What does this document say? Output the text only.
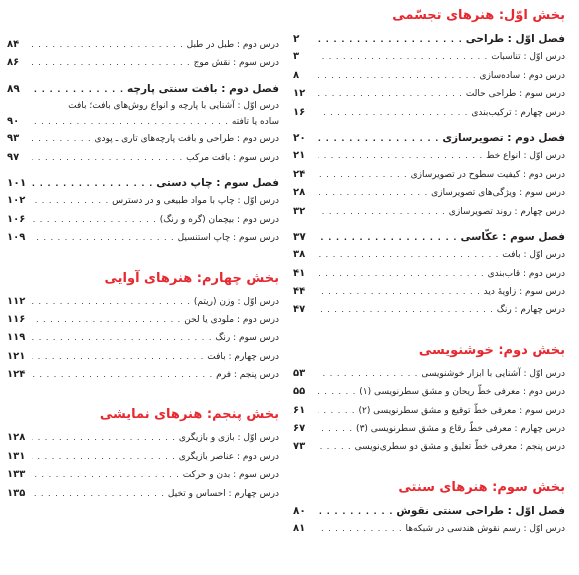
بخش اوّل: هنرهای تجسّمی
فصل اوّل : طراحی
. . .
۲
درس اوّل : تناسبات
. . .
۳
درس دوم : ساده‌سازی
. . .
۸
درس سوم : طراحی حالت
. . .
۱۲
درس چهارم : ترکیب‌بندی
. . .
۱۶
فصل دوم : تصویرسازی
. . .
۲۰
درس اوّل : انواع خط
. . .
۲۱
درس دوم : کیفیت سطوح در تصویرسازی
. . .
۲۴
درس سوم : ویژگی‌های تصویرسازی
. . .
۲۸
درس چهارم : روند تصویرسازی
. . .
۳۲
فصل سوم : عکّاسی
. . .
۳۷
درس اوّل : بافت
. . .
۳۸
درس دوم : قاب‌بندی
. . .
۴۱
درس سوم : زاویهٔ دید
. . .
۴۴
درس چهارم : رنگ
. . .
۴۷
بخش دوم: خوشنویسی
درس اوّل : آشنایی با ابزار خوشنویسی
. . .
۵۳
درس دوم : معرفی خطّ ریحان و مشق سطرنویسی (۱)
. . .
۵۵
درس سوم : معرفی خطّ توقیع و مشق سطرنویسی (۲)
. . .
۶۱
درس چهارم : معرفی خطّ رقاع و مشق سطرنویسی (۳)
. . .
۶۷
درس پنجم : معرفی خطّ تعلیق و مشق دو سطری‌نویسی
. . .
۷۳
بخش سوم: هنرهای سنتی
فصل اوّل : طراحی سنتی نقوش
. . .
۸۰
درس اوّل : رسم نقوش هندسی در شبکه‌ها
. . .
۸۱
درس دوم : طبل در طبل
. . .
۸۴
درس سوم : نقش موج
. . .
۸۶
فصل دوم : بافت سنتی پارچه
. . .
۸۹
درس اوّل : آشنایی با پارچه و انواع روش‌های بافت؛ بافت
ساده یا تافته
. . .
۹۰
درس دوم : طراحی و بافت پارچه‌های تاری ـ پودی
. . .
۹۳
درس سوم : بافت مرکب
. . .
۹۷
فصل سوم : چاپ دستی
. . .
۱۰۱
درس اوّل : چاپ با مواد طبیعی و در دسترس
. . .
۱۰۲
درس دوم : بیچمان (گره و رنگ)
. . .
۱۰۶
درس سوم : چاپ استنسیل
. . .
۱۰۹
بخش چهارم: هنرهای آوایی
درس اوّل : وزن (ریتم)
. . .
۱۱۲
درس دوم : ملودی یا لحن
. . .
۱۱۶
درس سوم : رنگ
. . .
۱۱۹
درس چهارم : بافت
. . .
۱۲۱
درس پنجم : فرم
. . .
۱۲۴
بخش پنجم: هنرهای نمایشی
درس اوّل : بازی و بازیگری
. . .
۱۲۸
درس دوم : عناصر بازیگری
. . .
۱۳۱
درس سوم : بدن و حرکت
. . .
۱۳۳
درس چهارم : احساس و تخیل
. . .
۱۳۵
